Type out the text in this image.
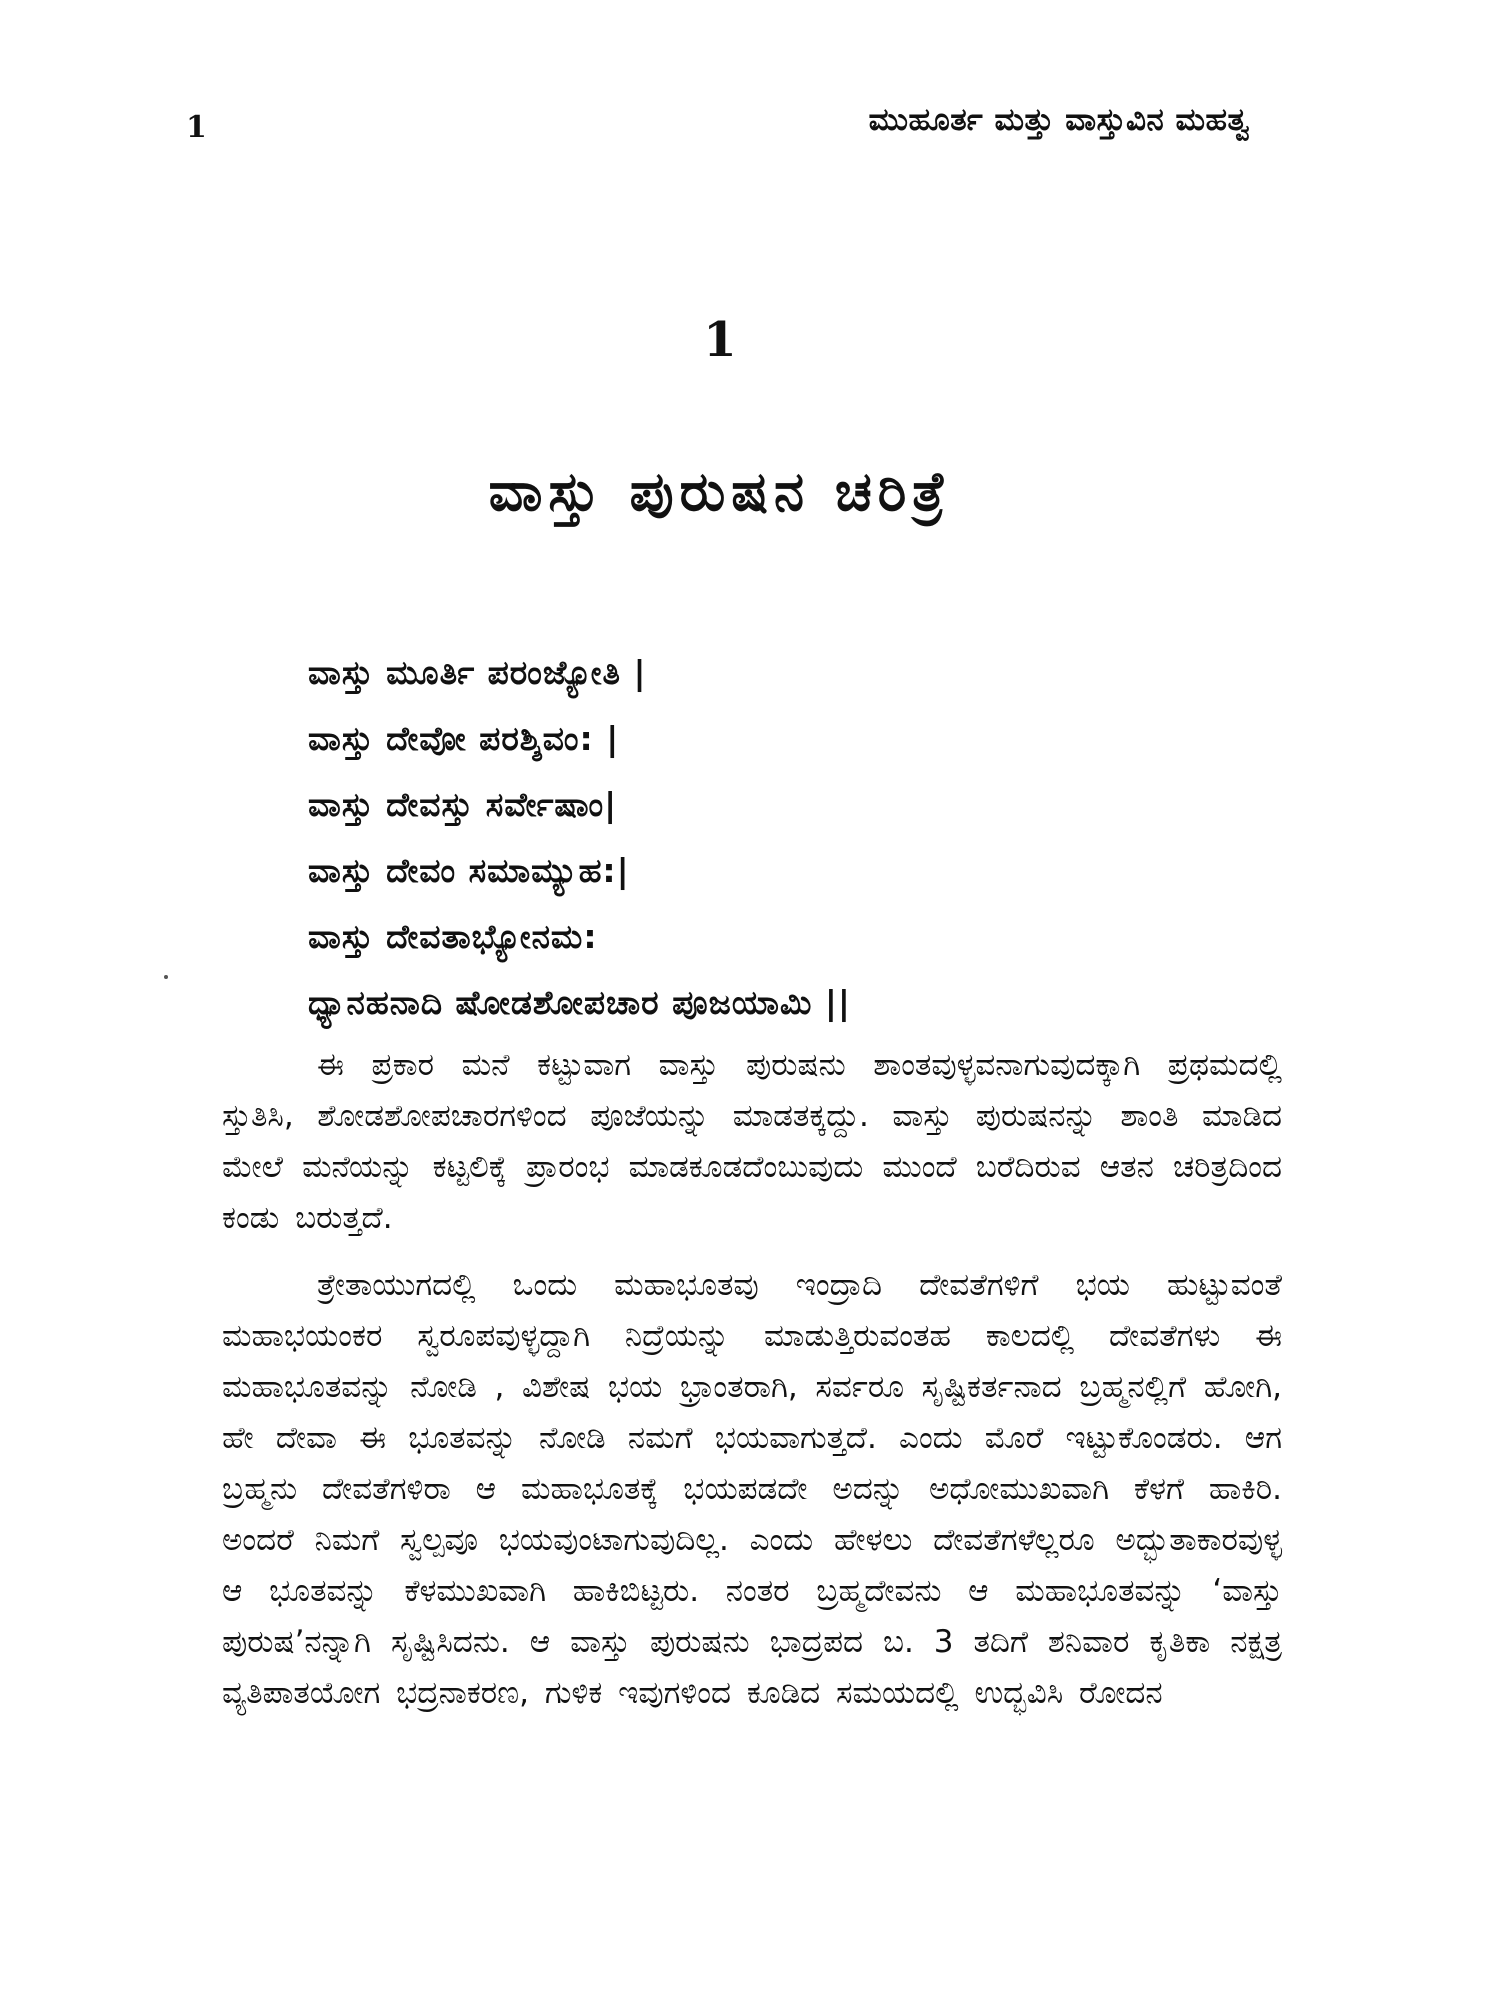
1	ಮುಹೂರ್ತ ಮತ್ತು ವಾಸ್ತುವಿನ ಮಹತ್ವ
1
ವಾಸ್ತು ಪುರುಷನ ಚರಿತ್ರೆ
ವಾಸ್ತು ಮೂರ್ತಿ ಪರಂಜ್ಯೋತಿ |
ವಾಸ್ತು ದೇವೋ ಪರಶ್ಶಿವಂ: |
ವಾಸ್ತು ದೇವಸ್ತು ಸರ್ವೇಷಾಂ|
ವಾಸ್ತು ದೇವಂ ಸಮಾಮ್ಯುಹ:|
ವಾಸ್ತು ದೇವತಾಭ್ಯೋನಮ:
ಧ್ಯಾನಹನಾದಿ ಷೋಡಶೋಪಚಾರ ಪೂಜಯಾಮಿ ||

ಈ ಪ್ರಕಾರ ಮನೆ ಕಟ್ಟುವಾಗ ವಾಸ್ತು ಪುರುಷನು ಶಾಂತವುಳ್ಳವನಾಗುವುದಕ್ಕಾಗಿ ಪ್ರಥಮದಲ್ಲಿ ಸ್ತುತಿಸಿ, ಶೋಡಶೋಪಚಾರಗಳಿಂದ ಪೂಜೆಯನ್ನು ಮಾಡತಕ್ಕದ್ದು. ವಾಸ್ತು ಪುರುಷನನ್ನು ಶಾಂತಿ ಮಾಡಿದ ಮೇಲೆ ಮನೆಯನ್ನು ಕಟ್ಟಲಿಕ್ಕೆ ಪ್ರಾರಂಭ ಮಾಡಕೂಡದೆಂಬುವುದು ಮುಂದೆ ಬರೆದಿರುವ ಆತನ ಚರಿತ್ರದಿಂದ ಕಂಡು ಬರುತ್ತದೆ.

ತ್ರೇತಾಯುಗದಲ್ಲಿ ಒಂದು ಮಹಾಭೂತವು ಇಂದ್ರಾದಿ ದೇವತೆಗಳಿಗೆ ಭಯ ಹುಟ್ಟುವಂತೆ ಮಹಾಭಯಂಕರ ಸ್ವರೂಪವುಳ್ಳದ್ದಾಗಿ ನಿದ್ರೆಯನ್ನು ಮಾಡುತ್ತಿರುವಂತಹ ಕಾಲದಲ್ಲಿ ದೇವತೆಗಳು ಈ ಮಹಾಭೂತವನ್ನು ನೋಡಿ , ವಿಶೇಷ ಭಯ ಭ್ರಾಂತರಾಗಿ, ಸರ್ವರೂ ಸೃಷ್ಟಿಕರ್ತನಾದ ಬ್ರಹ್ಮನಲ್ಲಿಗೆ ಹೋಗಿ, ಹೇ ದೇವಾ ಈ ಭೂತವನ್ನು ನೋಡಿ ನಮಗೆ ಭಯವಾಗುತ್ತದೆ. ಎಂದು ಮೊರೆ ಇಟ್ಟುಕೊಂಡರು. ಆಗ ಬ್ರಹ್ಮನು ದೇವತೆಗಳಿರಾ ಆ ಮಹಾಭೂತಕ್ಕೆ ಭಯಪಡದೇ ಅದನ್ನು ಅಧೋಮುಖವಾಗಿ ಕೆಳಗೆ ಹಾಕಿರಿ. ಅಂದರೆ ನಿಮಗೆ ಸ್ವಲ್ಪವೂ ಭಯವುಂಟಾಗುವುದಿಲ್ಲ. ಎಂದು ಹೇಳಲು ದೇವತೆಗಳೆಲ್ಲರೂ ಅದ್ಭುತಾಕಾರವುಳ್ಳ ಆ ಭೂತವನ್ನು ಕೆಳಮುಖವಾಗಿ ಹಾಕಿಬಿಟ್ಟರು. ನಂತರ ಬ್ರಹ್ಮದೇವನು ಆ ಮಹಾಭೂತವನ್ನು ‘ವಾಸ್ತು ಪುರುಷ’ನನ್ನಾಗಿ ಸೃಷ್ಟಿಸಿದನು. ಆ ವಾಸ್ತು ಪುರುಷನು ಭಾದ್ರಪದ ಬ. 3 ತದಿಗೆ ಶನಿವಾರ ಕೃತಿಕಾ ನಕ್ಷತ್ರ ವ್ಯತಿಪಾತಯೋಗ ಭದ್ರನಾಕರಣ, ಗುಳಿಕ ಇವುಗಳಿಂದ ಕೂಡಿದ ಸಮಯದಲ್ಲಿ ಉದ್ಭವಿಸಿ ರೋದನ
